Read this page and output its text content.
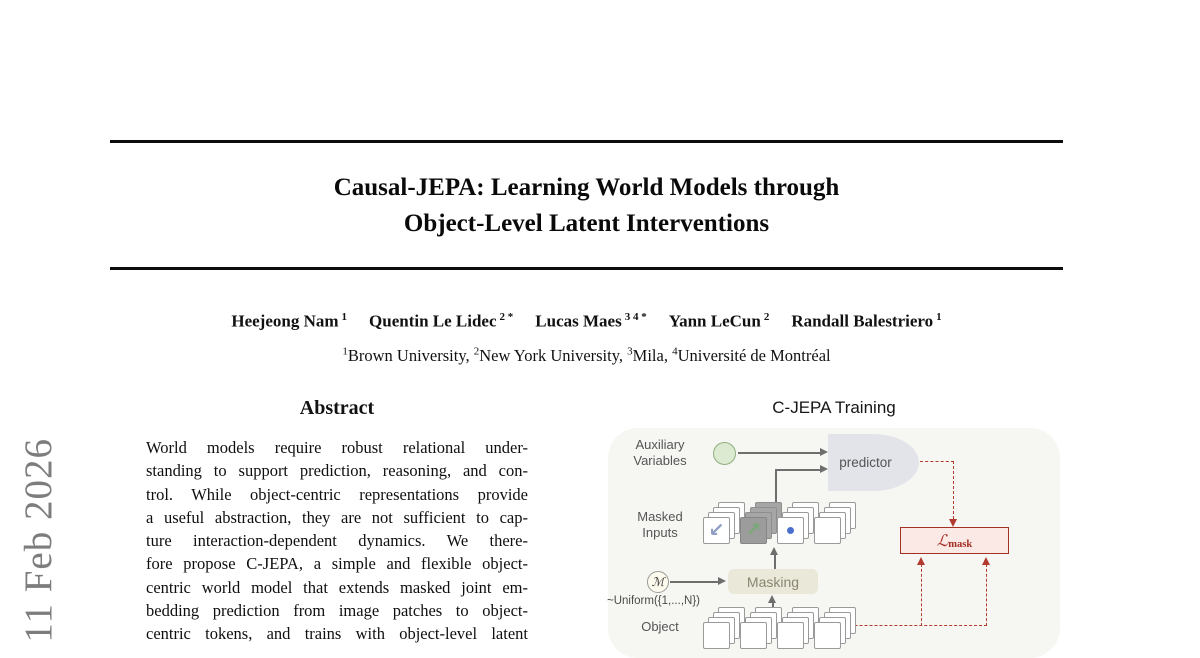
11 Feb 2026
Causal-JEPA: Learning World Models through
Object-Level Latent Interventions
Heejeong Nam $^1$ Quentin Le Lidec $^{2 *}$ Lucas Maes $^{3 4 *}$ Yann LeCun $^2$ Randall Balestriero $^1$
$^1$Brown University, $^2$New York University, $^3$Mila, $^4$Université de Montréal
Abstract
World models require robust relational under-
standing to support prediction, reasoning, and con-
trol. While object-centric representations provide
a useful abstraction, they are not sufficient to cap-
ture interaction-dependent dynamics. We there-
fore propose C-JEPA, a simple and flexible object-
centric world model that extends masked joint em-
bedding prediction from image patches to object-
centric tokens, and trains with object-level latent
C-JEPA Training
Auxiliary
Variables	predictor
ℒ mask
Masked
Inputs	↙ ↗
ℳ	Masking
~Uniform({1,...,N})
Object
